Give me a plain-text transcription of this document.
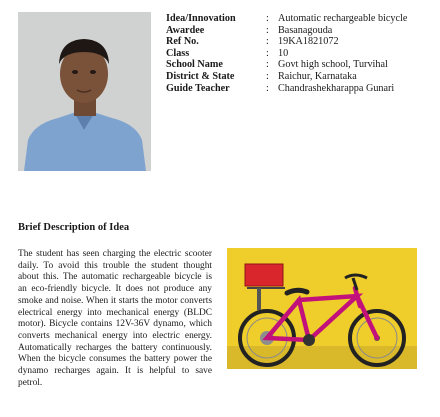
Idea/Innovation	: Automatic rechargeable bicycle
Awardee	: Basanagouda
Ref No.	: 19KA1821072
Class	: 10
School Name	: Govt high school, Turvihal
District & State	: Raichur, Karnataka
Guide Teacher	: Chandrashekharappa Gunari
Brief Description of Idea

The student has seen charging the electric scooter daily. To avoid this trouble the student thought about this. The automatic rechargeable bicycle is an eco-friendly bicycle. It does not produce any smoke and noise. When it starts the motor converts electrical energy into mechanical energy (BLDC motor). Bicycle contains 12V-36V dynamo, which converts mechanical energy into electric energy. Automatically recharges the battery continuously. When the bicycle consumes the battery power the dynamo recharges again. It is helpful to save petrol.
